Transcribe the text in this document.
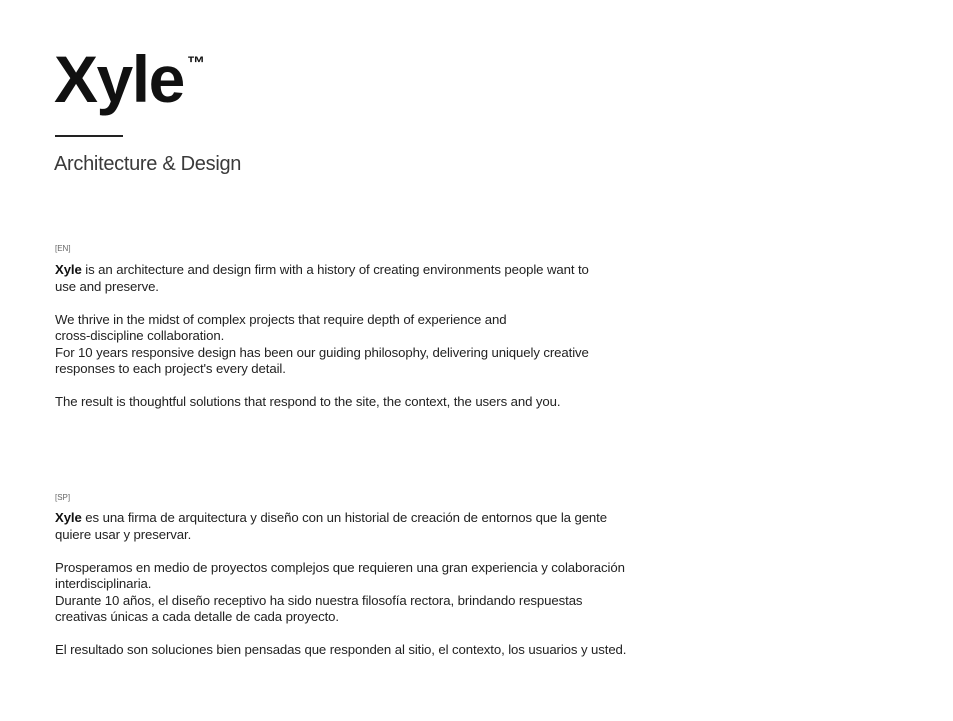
Xyle ™
Architecture & Design
[EN]

Xyle is an architecture and design firm with a history of creating environments people want to
use and preserve.

We thrive in the midst of complex projects that require depth of experience and
cross-discipline collaboration.
For 10 years responsive design has been our guiding philosophy, delivering uniquely creative
responses to each project's every detail.

The result is thoughtful solutions that respond to the site, the context, the users and you.

[SP]

Xyle es una firma de arquitectura y diseño con un historial de creación de entornos que la gente
quiere usar y preservar.

Prosperamos en medio de proyectos complejos que requieren una gran experiencia y colaboración
interdisciplinaria.
Durante 10 años, el diseño receptivo ha sido nuestra filosofía rectora, brindando respuestas
creativas únicas a cada detalle de cada proyecto.

El resultado son soluciones bien pensadas que responden al sitio, el contexto, los usuarios y usted.
